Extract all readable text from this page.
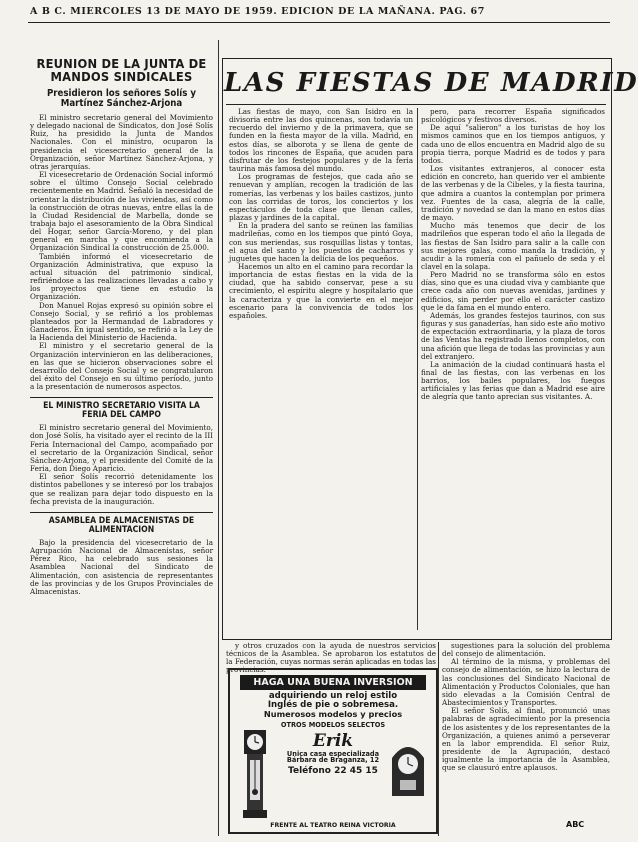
A B C. MIERCOLES 13 DE MAYO DE 1959. EDICION DE LA MAÑANA. PAG. 67
REUNION DE LA JUNTA DE MANDOS SINDICALES
Presidieron los señores Solís y Martínez Sánchez-Arjona

El ministro secretario general del Movimiento y delegado nacional de Sindicatos, don José Solís Ruiz, ha presidido la Junta de Mandos Nacionales. Con el ministro, ocuparon la presidencia el vicesecretario general de la Organización, señor Martínez Sánchez-Arjona, y otras jerarquías.

El vicesecretario de Ordenación Social informó sobre el último Consejo Social celebrado recientemente en Madrid. Señaló la necesidad de orientar la distribución de las viviendas, así como la construcción de otras nuevas, entre ellas la de la Ciudad Residencial de Marbella, donde se trabaja bajo el asesoramiento de la Obra Sindical del Hogar, señor García-Moreno, y del plan general en marcha y que encomienda a la Organización Sindical la construcción de 25.000.

También informó el vicesecretario de Organización Administrativa, que expuso la actual situación del patrimonio sindical, refiriéndose a las realizaciones llevadas a cabo y los proyectos que tiene en estudio la Organización.

Don Manuel Rojas expresó su opinión sobre el Consejo Social, y se refirió a los problemas planteados por la Hermandad de Labradores y Ganaderos. En igual sentido, se refirió a la Ley de la Hacienda del Ministerio de Hacienda.

El ministro y el secretario general de la Organización intervinieron en las deliberaciones, en las que se hicieron observaciones sobre el desarrollo del Consejo Social y se congratularon del éxito del Consejo en su último período, junto a la presentación de numerosos aspectos.

EL MINISTRO SECRETARIO VISITA LA FERIA DEL CAMPO

El ministro secretario general del Movimiento, don José Solís, ha visitado ayer el recinto de la III Feria Internacional del Campo, acompañado por el secretario de la Organización Sindical, señor Sánchez-Arjona, y el presidente del Comité de la Feria, don Diego Aparicio.

El señor Solís recorrió detenidamente los distintos pabellones y se interesó por los trabajos que se realizan para dejar todo dispuesto en la fecha prevista de la inauguración.

ASAMBLEA DE ALMACENISTAS DE ALIMENTACION

Bajo la presidencia del vicesecretario de la Agrupación Nacional de Almacenistas, señor Pérez Rico, ha celebrado sus sesiones la Asamblea Nacional del Sindicato de Alimentación, con asistencia de representantes de las provincias y de los Grupos Provinciales de Almacenistas.

LAS FIESTAS DE MADRID

Las fiestas de mayo, con San Isidro en la divisoria entre las dos quincenas, son todavía un recuerdo del invierno y de la primavera, que se funden en la fiesta mayor de la villa. Madrid, en estos días, se alborota y se llena de gente de todos los rincones de España, que acuden para disfrutar de los festejos populares y de la feria taurina más famosa del mundo.

Los programas de festejos, que cada año se renuevan y amplían, recogen la tradición de las romerías, las verbenas y los bailes castizos, junto con las corridas de toros, los conciertos y los espectáculos de toda clase que llenan calles, plazas y jardines de la capital.

En la pradera del santo se reúnen las familias madrileñas, como en los tiempos que pintó Goya, con sus meriendas, sus rosquillas listas y tontas, el agua del santo y los puestos de cacharros y juguetes que hacen la delicia de los pequeños.

Hacemos un alto en el camino para recordar la importancia de estas fiestas en la vida de la ciudad, que ha sabido conservar, pese a su crecimiento, el espíritu alegre y hospitalario que la caracteriza y que la convierte en el mejor escenario para la convivencia de todos los españoles.

pero, para recorrer España significados psicológicos y festivos diversos.

De aquí "salieron" a los turistas de hoy los mismos caminos que en los tiempos antiguos, y cada uno de ellos encuentra en Madrid algo de su propia tierra, porque Madrid es de todos y para todos.

Los visitantes extranjeros, al conocer esta edición en concreto, han querido ver el ambiente de las verbenas y de la Cibeles, y la fiesta taurina, que admira a cuantos la contemplan por primera vez. Fuentes de la casa, alegría de la calle, tradición y novedad se dan la mano en estos días de mayo.

Mucho más tenemos que decir de los madrileños que esperan todo el año la llegada de las fiestas de San Isidro para salir a la calle con sus mejores galas, como manda la tradición, y acudir a la romería con el pañuelo de seda y el clavel en la solapa.

Pero Madrid no se transforma sólo en estos días, sino que es una ciudad viva y cambiante que crece cada año con nuevas avenidas, jardines y edificios, sin perder por ello el carácter castizo que le da fama en el mundo entero.

Además, los grandes festejos taurinos, con sus figuras y sus ganaderías, han sido este año motivo de expectación extraordinaria, y la plaza de toros de las Ventas ha registrado llenos completos, con una afición que llega de todas las provincias y aun del extranjero.

La animación de la ciudad continuará hasta el final de las fiestas, con las verbenas en los barrios, los bailes populares, los fuegos artificiales y las ferias que dan a Madrid ese aire de alegría que tanto aprecian sus visitantes. A.

y otros cruzados con la ayuda de nuestros servicios técnicos de la Asamblea. Se aprobaron los estatutos de la Federación, cuyas normas serán aplicadas en todas las provincias.

sugestiones para la solución del problema del consejo de alimentación.

Al término de la misma, y problemas del consejo de alimentación, se hizo la lectura de las conclusiones del Sindicato Nacional de Alimentación y Productos Coloniales, que han sido elevadas a la Comisión Central de Abastecimientos y Transportes.

El señor Solís, al final, pronunció unas palabras de agradecimiento por la presencia de los asistentes y de los representantes de la Organización, a quienes animó a perseverar en la labor emprendida. El señor Ruiz, presidente de la Agrupación, destacó igualmente la importancia de la Asamblea, que se clausuró entre aplausos.

ABC
HAGA UNA BUENA INVERSION
adquiriendo un reloj estilo
Inglés de pie o sobremesa.
Numerosos modelos y precios
OTROS MODELOS SELECTOS
Erik
Unica casa especializada
Bárbara de Braganza, 12
Teléfono 22 45 15
FRENTE AL TEATRO REINA VICTORIA
